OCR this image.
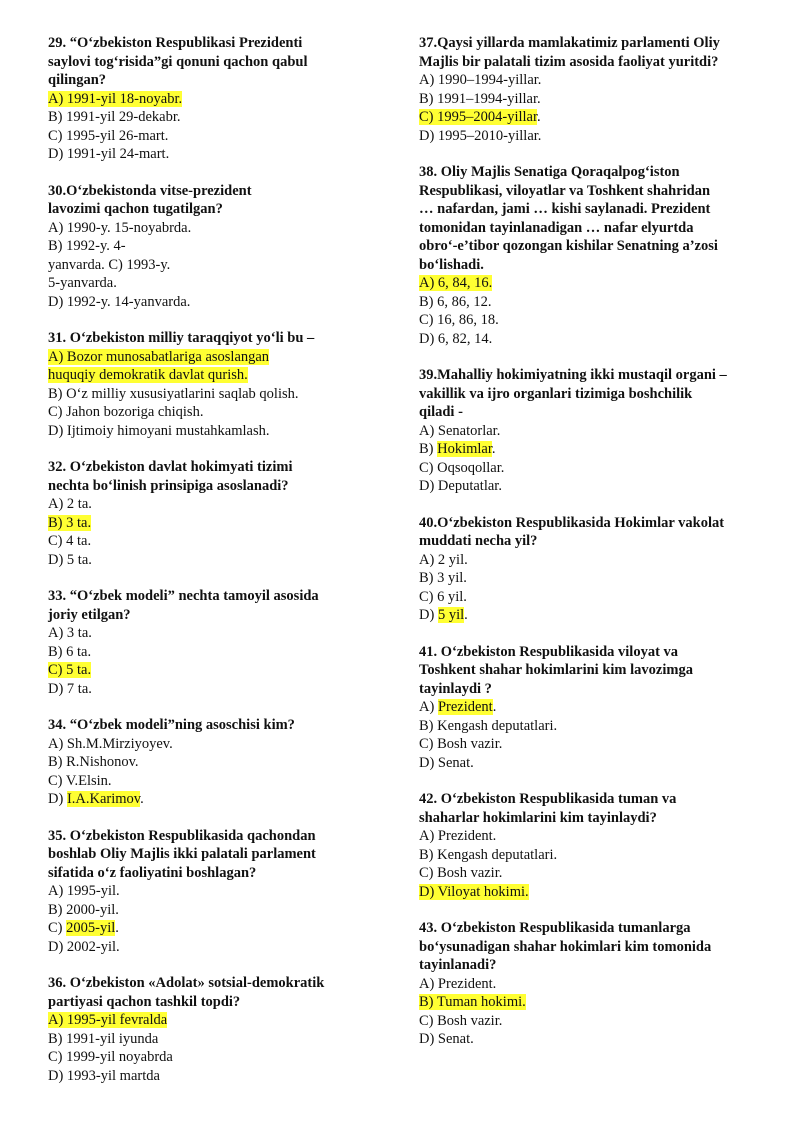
29. “O‘zbekiston Respublikasi Prezidenti
saylovi tog‘risida”gi qonuni qachon qabul
qilingan?
A) 1991-yil 18-noyabr.
B) 1991-yil 29-dekabr.
C) 1995-yil 26-mart.
D) 1991-yil 24-mart.
30.O‘zbekistonda vitse-prezident
lavozimi qachon tugatilgan?
A) 1990-y. 15-noyabrda.
B) 1992-y. 4-
yanvarda. C) 1993-y.
5-yanvarda.
D) 1992-y. 14-yanvarda.
31. O‘zbekiston milliy taraqqiyot yo‘li bu –
A) Bozor munosabatlariga asoslangan
huquqiy demokratik davlat qurish.
B) O‘z milliy xususiyatlarini saqlab qolish.
C) Jahon bozoriga chiqish.
D) Ijtimoiy himoyani mustahkamlash.
32. O‘zbekiston davlat hokimyati tizimi
nechta bo‘linish prinsipiga asoslanadi?
A) 2 ta.
B) 3 ta.
C) 4 ta.
D) 5 ta.
33. “O‘zbek modeli” nechta tamoyil asosida
joriy etilgan?
A) 3 ta.
B) 6 ta.
C) 5 ta.
D) 7 ta.
34. “O‘zbek modeli”ning asoschisi kim?
A) Sh.M.Mirziyoyev.
B) R.Nishonov.
C) V.Elsin.
D) I.A.Karimov.
35. O‘zbekiston Respublikasida qachondan
boshlab Oliy Majlis ikki palatali parlament
sifatida o‘z faoliyatini boshlagan?
A) 1995-yil.
B) 2000-yil.
C) 2005-yil.
D) 2002-yil.
36. O‘zbekiston «Adolat» sotsial-demokratik
partiyasi qachon tashkil topdi?
A) 1995-yil fevralda
B) 1991-yil iyunda
C) 1999-yil noyabrda
D) 1993-yil martda
37.Qaysi yillarda mamlakatimiz parlamenti Oliy
Majlis bir palatali tizim asosida faoliyat yuritdi?
A) 1990–1994-yillar.
B) 1991–1994-yillar.
C) 1995–2004-yillar.
D) 1995–2010-yillar.
38. Oliy Majlis Senatiga Qoraqalpog‘iston
Respublikasi, viloyatlar va Toshkent shahridan
… nafardan, jami … kishi saylanadi. Prezident
tomonidan tayinlanadigan … nafar elyurtda
obro‘-e’tibor qozongan kishilar Senatning a’zosi
bo‘lishadi.
A) 6, 84, 16.
B) 6, 86, 12.
C) 16, 86, 18.
D) 6, 82, 14.
39.Mahalliy hokimiyatning ikki mustaqil organi –
vakillik va ijro organlari tizimiga boshchilik
qiladi -
A) Senatorlar.
B) Hokimlar.
C) Oqsoqollar.
D) Deputatlar.
40.O‘zbekiston Respublikasida Hokimlar vakolat
muddati necha yil?
A) 2 yil.
B) 3 yil.
C) 6 yil.
D) 5 yil.
41. O‘zbekiston Respublikasida viloyat va
Toshkent shahar hokimlarini kim lavozimga
tayinlaydi ?
A) Prezident.
B) Kengash deputatlari.
C) Bosh vazir.
D) Senat.
42. O‘zbekiston Respublikasida tuman va
shaharlar hokimlarini kim tayinlaydi?
A) Prezident.
B) Kengash deputatlari.
C) Bosh vazir.
D) Viloyat hokimi.
43. O‘zbekiston Respublikasida tumanlarga
bo‘ysunadigan shahar hokimlari kim tomonida
tayinlanadi?
A) Prezident.
B) Tuman hokimi.
C) Bosh vazir.
D) Senat.
